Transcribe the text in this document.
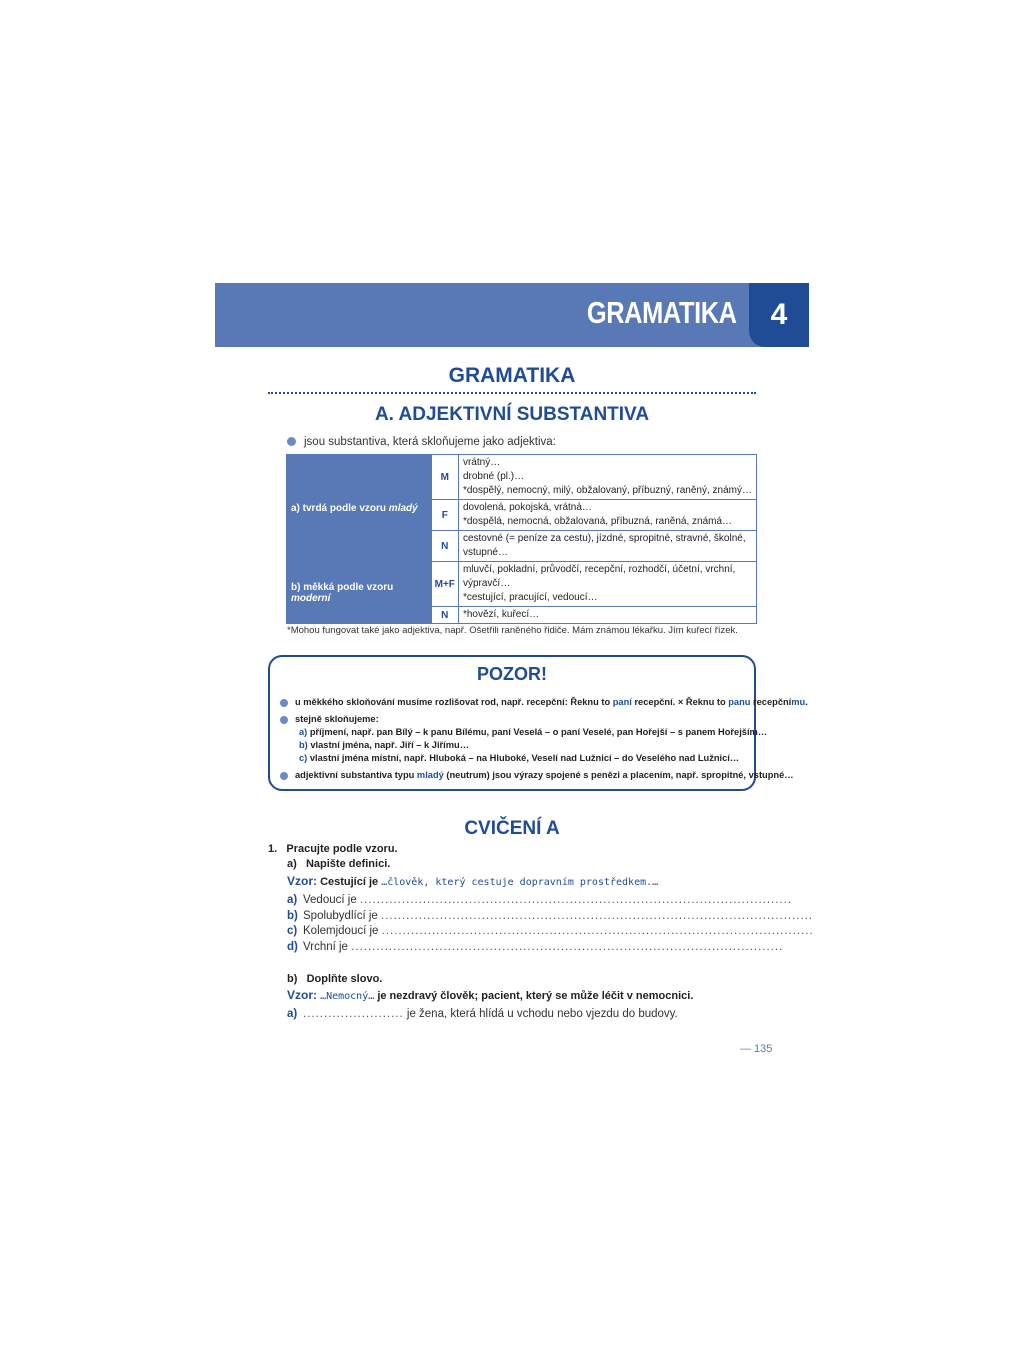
GRAMATIKA	4
GRAMATIKA
A. ADJEKTIVNÍ SUBSTANTIVA
jsou substantiva, která skloňujeme jako adjektiva:
a) tvrdá podle vzoru mladý	M	vrátný…
drobné (pl.)…
*dospělý, nemocný, milý, obžalovaný, příbuzný, raněný, známý…

	F	dovolená, pokojská, vrátná…
*dospělá, nemocná, obžalovaná, příbuzná, raněná, známá…

	N	cestovné (= peníze za cestu), jízdné, spropitné, stravné, školné,
vstupné…

b) měkká podle vzoru moderní	M+F	mluvčí, pokladní, průvodčí, recepční, rozhodčí, účetní, vrchní,
výpravčí…
*cestující, pracující, vedoucí…

	N	*hovězí, kuřecí…
*Mohou fungovat také jako adjektiva, např. Ošetřili raněného řidiče. Mám známou lékařku. Jím kuřecí řízek.
POZOR!
u měkkého skloňování musíme rozlišovat rod, např. recepční: Řeknu to paní recepční. × Řeknu to panu recepčnímu.
stejně skloňujeme:
a) příjmení, např. pan Bílý – k panu Bílému, paní Veselá – o paní Veselé, pan Hořejší – s panem Hořejším…
b) vlastní jména, např. Jiří – k Jiřímu…
c) vlastní jména místní, např. Hluboká – na Hluboké, Veselí nad Lužnicí – do Veselého nad Lužnicí…
adjektivní substantiva typu mladý (neutrum) jsou výrazy spojené s penězi a placením, např. spropitné, vstupné…
CVIČENÍ A
1. Pracujte podle vzoru.
a) Napište definici.
Vzor: Cestující je …člověk, který cestuje dopravním prostředkem.…
a) Vedoucí je .......................................................................................................
b) Spolubydlící je .......................................................................................................
c) Kolemjdoucí je .......................................................................................................
d) Vrchní je .......................................................................................................
b) Doplňte slovo.
Vzor: …Nemocný… je nezdravý člověk; pacient, který se může léčit v nemocnici.
a) ........................ je žena, která hlídá u vchodu nebo vjezdu do budovy.
— 135
